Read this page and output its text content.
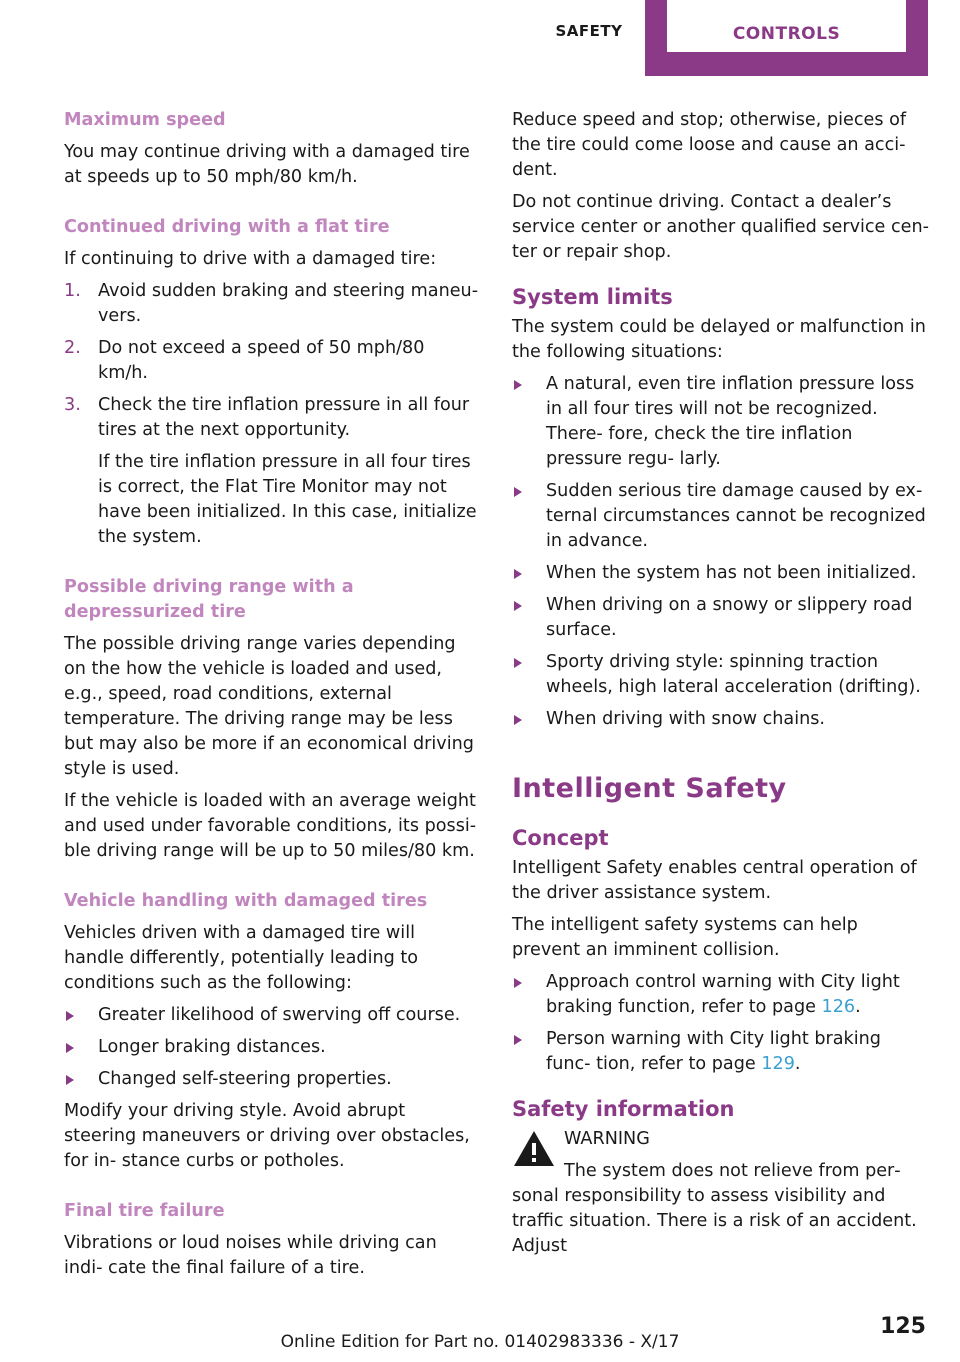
SAFETY	CONTROLS
Maximum speed

You may continue driving with a damaged tire at speeds up to 50 mph/80 km/h.

Continued driving with a flat tire

If continuing to drive with a damaged tire:

1. Avoid sudden braking and steering maneu‐ vers.
2. Do not exceed a speed of 50 mph/80 km/h.
3. Check the tire inflation pressure in all four tires at the next opportunity.
If the tire inflation pressure in all four tires is correct, the Flat Tire Monitor may not have been initialized. In this case, initialize the system.
Possible driving range with a depressurized tire

The possible driving range varies depending on the how the vehicle is loaded and used, e.g., speed, road conditions, external temperature. The driving range may be less but may also be more if an economical driving style is used.

If the vehicle is loaded with an average weight and used under favorable conditions, its possi‐ ble driving range will be up to 50 miles/80 km.

Vehicle handling with damaged tires

Vehicles driven with a damaged tire will handle differently, potentially leading to conditions such as the following:

Greater likelihood of swerving off course.
Longer braking distances.
Changed self-steering properties.

Modify your driving style. Avoid abrupt steering maneuvers or driving over obstacles, for in‐ stance curbs or potholes.

Final tire failure

Vibrations or loud noises while driving can indi‐ cate the final failure of a tire.

Reduce speed and stop; otherwise, pieces of the tire could come loose and cause an acci‐ dent.

Do not continue driving. Contact a dealer’s service center or another qualified service cen‐ ter or repair shop.

System limits

The system could be delayed or malfunction in the following situations:

A natural, even tire inflation pressure loss in all four tires will not be recognized. There‐ fore, check the tire inflation pressure regu‐ larly.
Sudden serious tire damage caused by ex‐ ternal circumstances cannot be recognized in advance.
When the system has not been initialized.
When driving on a snowy or slippery road surface.
Sporty driving style: spinning traction wheels, high lateral acceleration (drifting).
When driving with snow chains.
Intelligent Safety
Concept

Intelligent Safety enables central operation of the driver assistance system.

The intelligent safety systems can help prevent an imminent collision.

Approach control warning with City light braking function, refer to page 126.
Person warning with City light braking func‐ tion, refer to page 129.
Safety information
WARNING
The system does not relieve from per‐ sonal responsibility to assess visibility and traffic situation. There is a risk of an accident. Adjust
125
Online Edition for Part no. 01402983336 - X/17
